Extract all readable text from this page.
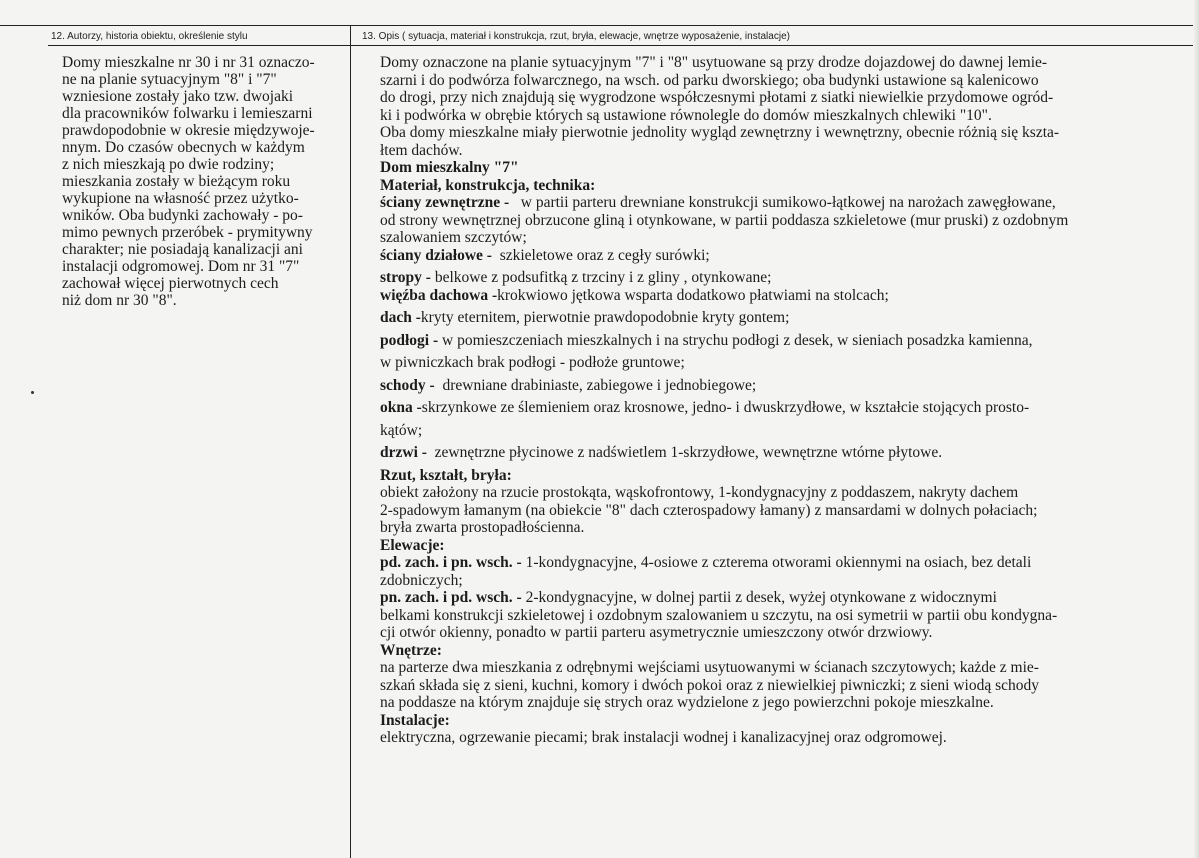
12. Autorzy, historia obiektu, określenie stylu	13. Opis ( sytuacja, materiał i konstrukcja, rzut, bryła, elewacje, wnętrze wyposażenie, instalacje)
Domy mieszkalne nr 30 i nr 31 oznaczo-
ne na planie sytuacyjnym "8" i "7"
wzniesione zostały jako tzw. dwojaki
dla pracowników folwarku i lemieszarni
prawdopodobnie w okresie międzywoje-
nnym. Do czasów obecnych w każdym
z nich mieszkają po dwie rodziny;
mieszkania zostały w bieżącym roku
wykupione na własność przez użytko-
wników. Oba budynki zachowały - po-
mimo pewnych przeróbek - prymitywny
charakter; nie posiadają kanalizacji ani
instalacji odgromowej. Dom nr 31 "7"
zachował więcej pierwotnych cech
niż dom nr 30 "8".
Domy oznaczone na planie sytuacyjnym "7" i "8" usytuowane są przy drodze dojazdowej do dawnej lemie-
szarni i do podwórza folwarcznego, na wsch. od parku dworskiego; oba budynki ustawione są kalenicowo
do drogi, przy nich znajdują się wygrodzone współczesnymi płotami z siatki niewielkie przydomowe ogród-
ki i podwórka w obrębie których są ustawione równolegle do domów mieszkalnych chlewiki "10".
Oba domy mieszkalne miały pierwotnie jednolity wygląd zewnętrzny i wewnętrzny, obecnie różnią się kszta-
łtem dachów.
Dom mieszkalny "7"
Materiał, konstrukcja, technika:
ściany zewnętrzne - w partii parteru drewniane konstrukcji sumikowo-łątkowej na narożach zawęgłowane,
od strony wewnętrznej obrzucone gliną i otynkowane, w partii poddasza szkieletowe (mur pruski) z ozdobnym
szalowaniem szczytów;
ściany działowe - szkieletowe oraz z cegły surówki;
stropy - belkowe z podsufitką z trzciny i z gliny , otynkowane;
więźba dachowa -krokwiowo jętkowa wsparta dodatkowo płatwiami na stolcach;
dach -kryty eternitem, pierwotnie prawdopodobnie kryty gontem;
podłogi - w pomieszczeniach mieszkalnych i na strychu podłogi z desek, w sieniach posadzka kamienna,
w piwniczkach brak podłogi - podłoże gruntowe;
schody - drewniane drabiniaste, zabiegowe i jednobiegowe;
okna -skrzynkowe ze ślemieniem oraz krosnowe, jedno- i dwuskrzydłowe, w kształcie stojących prosto-
kątów;
drzwi - zewnętrzne płycinowe z nadświetlem 1-skrzydłowe, wewnętrzne wtórne płytowe.
Rzut, kształt, bryła:
obiekt założony na rzucie prostokąta, wąskofrontowy, 1-kondygnacyjny z poddaszem, nakryty dachem
2-spadowym łamanym (na obiekcie "8" dach czterospadowy łamany) z mansardami w dolnych połaciach;
bryła zwarta prostopadłościenna.
Elewacje:
pd. zach. i pn. wsch. - 1-kondygnacyjne, 4-osiowe z czterema otworami okiennymi na osiach, bez detali
zdobniczych;
pn. zach. i pd. wsch. - 2-kondygnacyjne, w dolnej partii z desek, wyżej otynkowane z widocznymi
belkami konstrukcji szkieletowej i ozdobnym szalowaniem u szczytu, na osi symetrii w partii obu kondygna-
cji otwór okienny, ponadto w partii parteru asymetrycznie umieszczony otwór drzwiowy.
Wnętrze:
na parterze dwa mieszkania z odrębnymi wejściami usytuowanymi w ścianach szczytowych; każde z mie-
szkań składa się z sieni, kuchni, komory i dwóch pokoi oraz z niewielkiej piwniczki; z sieni wiodą schody
na poddasze na którym znajduje się strych oraz wydzielone z jego powierzchni pokoje mieszkalne.
Instalacje:
elektryczna, ogrzewanie piecami; brak instalacji wodnej i kanalizacyjnej oraz odgromowej.
